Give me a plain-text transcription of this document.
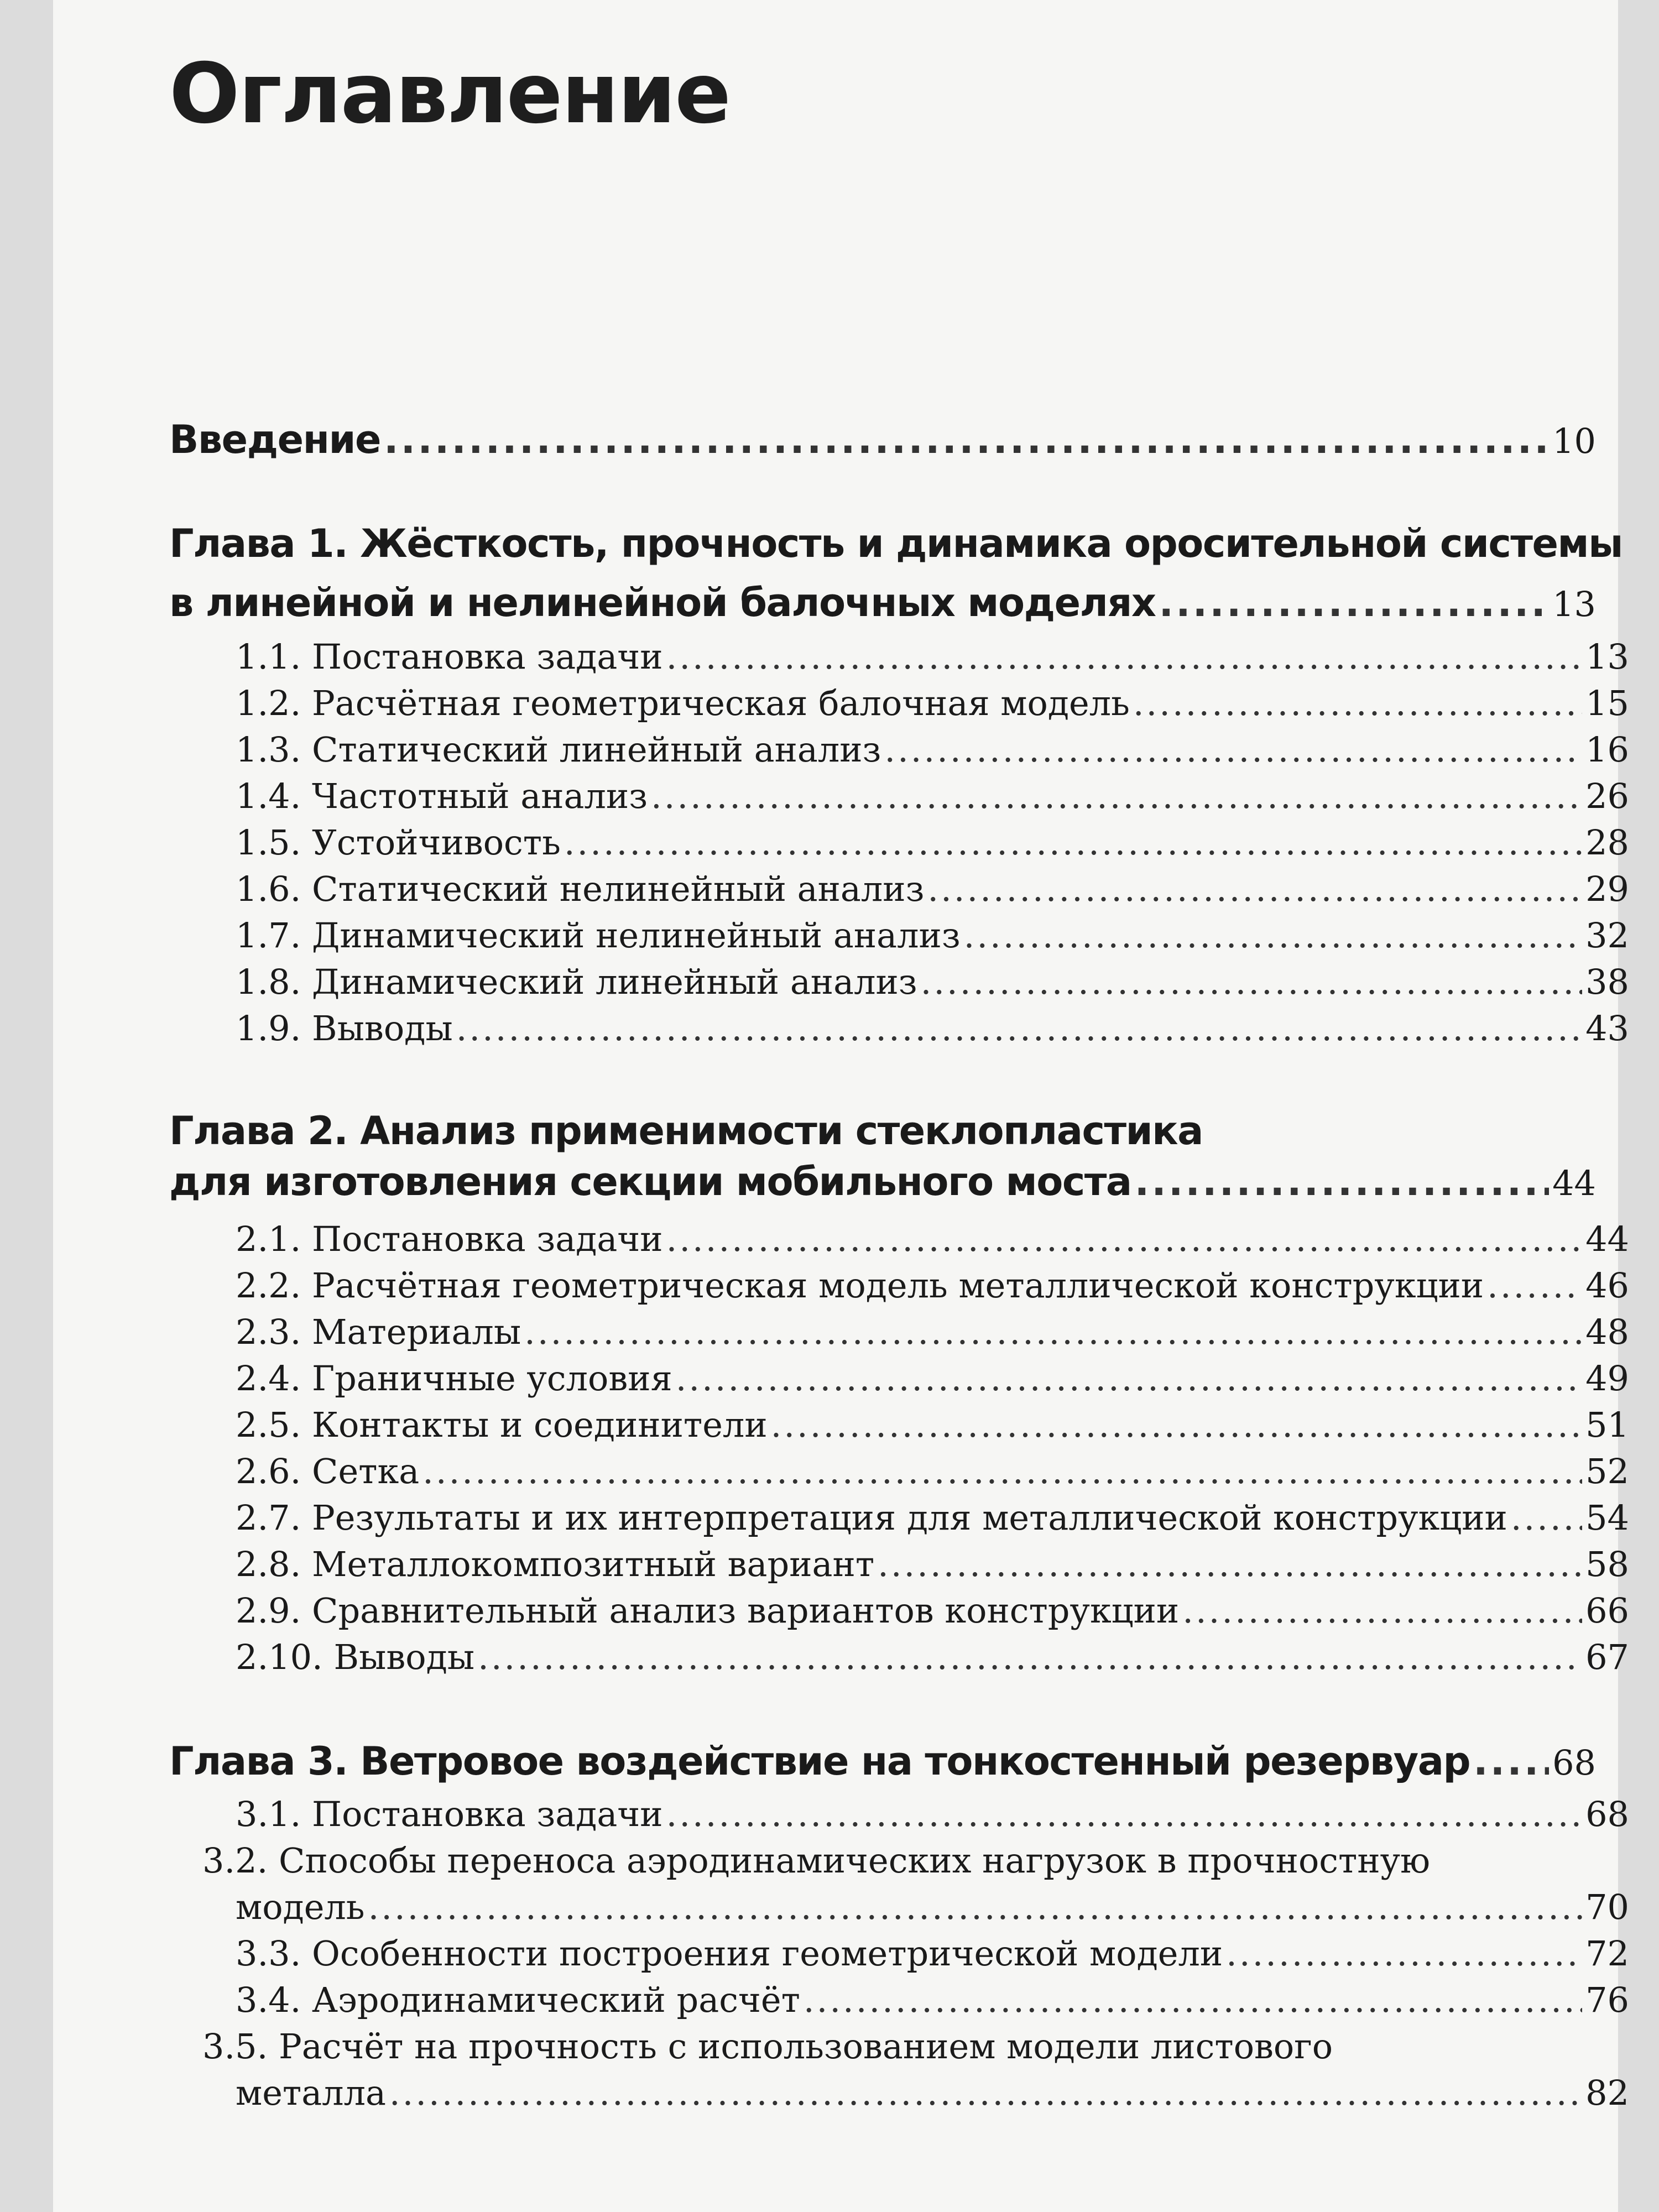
Оглавление
Введение .....	10
Глава 1. Жёсткость, прочность и динамика оросительной системы
в линейной и нелинейной балочных моделях .....	13
1.1. Постановка задачи .....	13
1.2. Расчётная геометрическая балочная модель .....	15
1.3. Статический линейный анализ .....	16
1.4. Частотный анализ .....	26
1.5. Устойчивость .....	28
1.6. Статический нелинейный анализ .....	29
1.7. Динамический нелинейный анализ .....	32
1.8. Динамический линейный анализ .....	38
1.9. Выводы .....	43
Глава 2. Анализ применимости стеклопластика
для изготовления секции мобильного моста .....	44
2.1. Постановка задачи .....	44
2.2. Расчётная геометрическая модель металлической конструкции .....	46
2.3. Материалы .....	48
2.4. Граничные условия .....	49
2.5. Контакты и соединители .....	51
2.6. Сетка .....	52
2.7. Результаты и их интерпретация для металлической конструкции ..... 54
2.8. Металлокомпозитный вариант .....	58
2.9. Сравнительный анализ вариантов конструкции .....	66
2.10. Выводы .....	67
Глава 3. Ветровое воздействие на тонкостенный резервуар ..... 68
3.1. Постановка задачи .....	68
3.2. Способы переноса аэродинамических нагрузок в прочностную
модель .....	70
3.3. Особенности построения геометрической модели .....	72
3.4. Аэродинамический расчёт .....	76
3.5. Расчёт на прочность с использованием модели листового
металла .....	82
